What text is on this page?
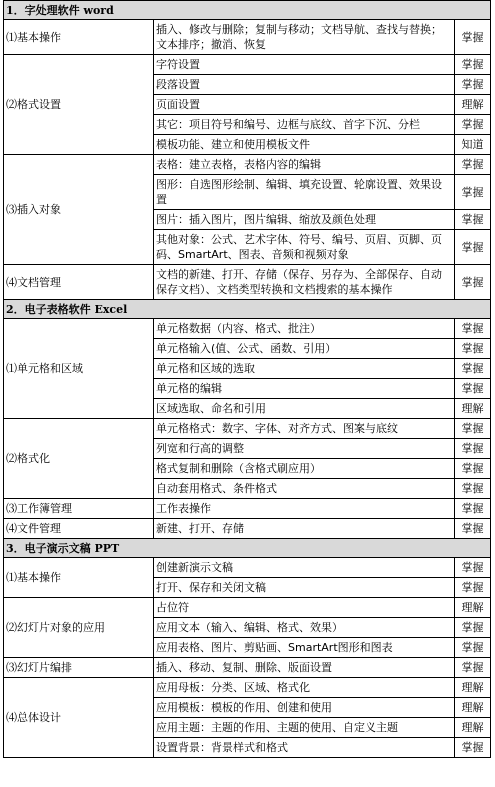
1．字处理软件 word		
⑴基本操作	插入、修改与删除；复制与移动；文档导航、查找与替换；文本排序；撤消、恢复	掌握
⑵格式设置	字符设置	掌握
	段落设置	掌握
	页面设置	理解
	其它：项目符号和编号、边框与底纹、首字下沉、分栏	掌握
	模板功能、建立和使用模板文件	知道
⑶插入对象	表格：建立表格，表格内容的编辑	掌握
	图形：自选图形绘制、编辑、填充设置、轮廓设置、效果设置	掌握
	图片：插入图片，图片编辑、缩放及颜色处理	掌握
	其他对象：公式、艺术字体、符号、编号、页眉、页脚、页码、SmartArt、图表、音频和视频对象	掌握
⑷文档管理	文档的新建、打开、存储（保存、另存为、全部保存、自动保存文档）、文档类型转换和文档搜索的基本操作	掌握
2．电子表格软件 Excel		
⑴单元格和区域	单元格数据（内容、格式、批注）	掌握
	单元格输入(值、公式、函数、引用）	掌握
	单元格和区域的选取	掌握
	单元格的编辑	掌握
	区域选取、命名和引用	理解
⑵格式化	单元格格式：数字、字体、对齐方式、图案与底纹	掌握
	列宽和行高的调整	掌握
	格式复制和删除（含格式刷应用）	掌握
	自动套用格式、条件格式	掌握
⑶工作簿管理	工作表操作	掌握
⑷文件管理	新建、打开、存储	掌握
3．电子演示文稿 PPT		
⑴基本操作	创建新演示文稿	掌握
	打开、保存和关闭文稿	掌握
⑵幻灯片对象的应用	占位符	理解
	应用文本（输入、编辑、格式、效果）	掌握
	应用表格、图片、剪贴画、SmartArt图形和图表	掌握
⑶幻灯片编排	插入、移动、复制、删除、版面设置	掌握
⑷总体设计	应用母板：分类、区域、格式化	理解
	应用模板：模板的作用、创建和使用	理解
	应用主题：主题的作用、主题的使用、自定义主题	理解
	设置背景：背景样式和格式	掌握
